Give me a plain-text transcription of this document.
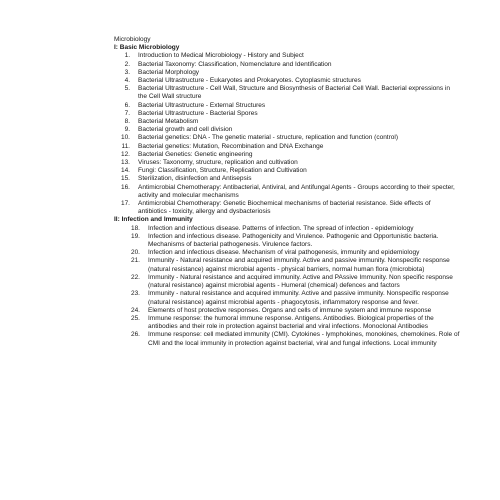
Microbiology
I: Basic Microbiology
1. Introduction to Medical Microbiology - History and Subject
2. Bacterial Taxonomy: Classification, Nomenclature and Identification
3. Bacterial Morphology
4. Bacterial Ultrastructure - Eukaryotes and Prokaryotes. Cytoplasmic structures
5. Bacterial Ultrastructure - Cell Wall, Structure and Biosynthesis of Bacterial Cell Wall. Bacterial expressions in the Cell Wall structure
6. Bacterial Ultrastructure - External Structures
7. Bacterial Ultrastructure - Bacterial Spores
8. Bacterial Metabolism
9. Bacterial growth and cell division
10. Bacterial genetics: DNA - The genetic material - structure, replication and function (control)
11. Bacterial genetics: Mutation, Recombination and DNA Exchange
12. Bacterial Genetics: Genetic engineering
13. Viruses: Taxonomy, structure, replication and cultivation
14. Fungi: Classification, Structure, Replication and Cultivation
15. Sterilization, disinfection and Antisepsis
16. Antimicrobial Chemotherapy: Antibacterial, Antiviral, and Antifungal Agents - Groups according to their specter, activity and molecular mechanisms
17. Antimicrobial Chemotherapy: Genetic Biochemical mechanisms of bacterial resistance. Side effects of antibiotics - toxicity, allergy and dysbacteriosis
II: Infection and Immunity
18. Infection and infectious disease. Patterns of infection. The spread of infection - epidemiology
19. Infection and infectious disease. Pathogenicity and Virulence. Pathogenic and Opportunistic bacteria. Mechanisms of bacterial pathogenesis. Virulence factors.
20. Infection and infectious disease. Mechanism of viral pathogenesis, immunity and epidemiology
21. Immunity - Natural resistance and acquired immunity. Active and passive immunity. Nonspecific response (natural resistance) against microbial agents - physical barriers, normal human flora (microbiota)
22. Immunity - Natural resistance and acquired immunity. Active and PAssive Immunity. Non specific response (natural resistance) against microbial agents - Humeral (chemical) defences and factors
23. Immunity - natural resistance and acquired immunity. Active and passive immunity. Nonspecific response (natural resistance) against microbial agents - phagocytosis, inflammatory response and fever.
24. Elements of host protective responses. Organs and cells of immune system and immune response
25. Immune response: the humoral immune response. Antigens. Antibodies. Biological properties of the antibodies and their role in protection against bacterial and viral infections. Monoclonal Antibodies
26. Immune response: cell mediated immunity (CMI). Cytokines - lymphokines, monokines, chemokines. Role of CMI and the local immunity in protection against bacterial, viral and fungal infections. Local immunity
